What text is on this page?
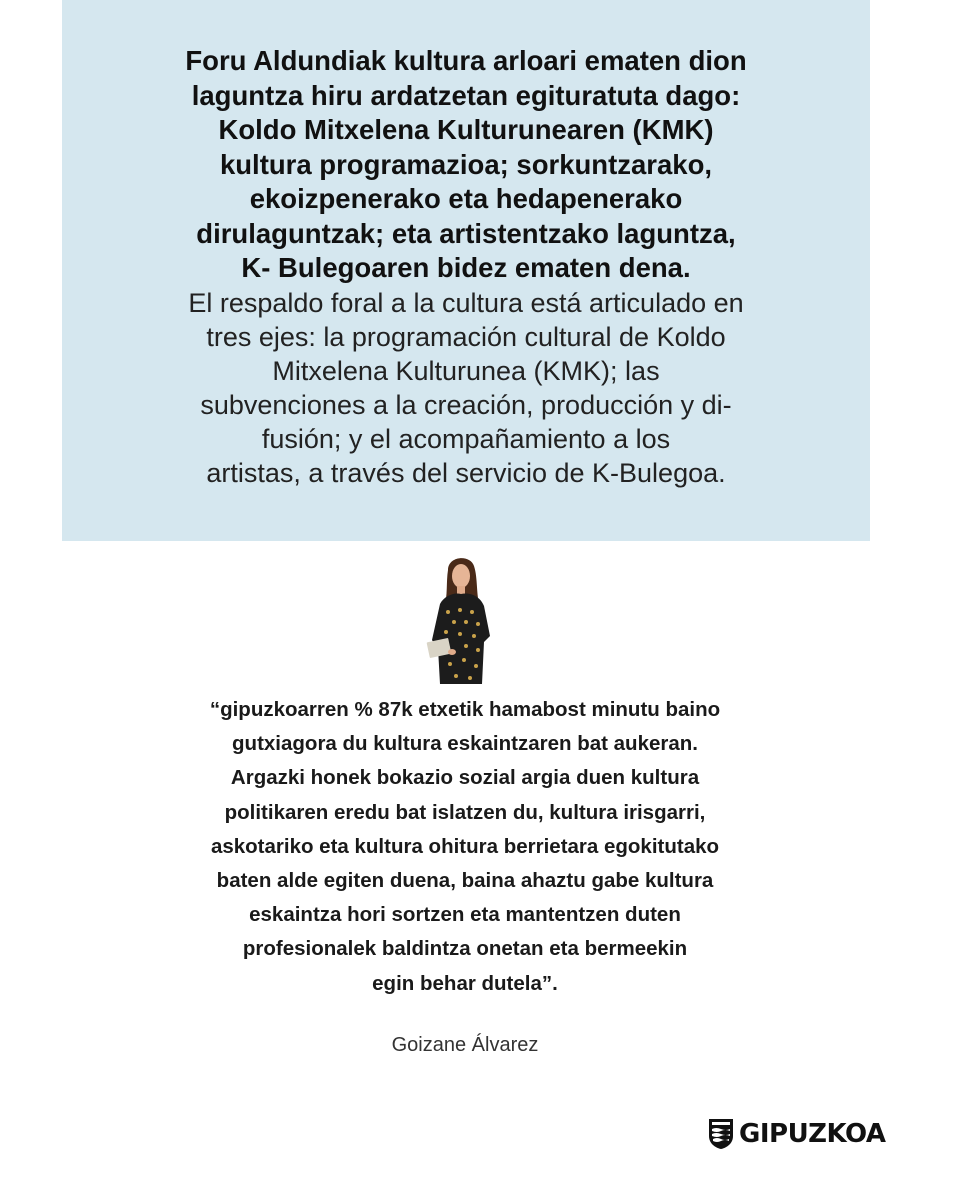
Foru Aldundiak kultura arloari ematen dion
laguntza hiru ardatzetan egituratuta dago:
Koldo Mitxelena Kulturunearen (KMK)
kultura programazioa; sorkuntzarako,
ekoizpenerako eta hedapenerako
dirulaguntzak; eta artistentzako laguntza,
K- Bulegoaren bidez ematen dena.
El respaldo foral a la cultura está articulado en
tres ejes: la programación cultural de Koldo
Mitxelena Kulturunea (KMK); las
subvenciones a la creación, producción y di-
fusión; y el acompañamiento a los
artistas, a través del servicio de K-Bulegoa.
“gipuzkoarren % 87k etxetik hamabost minutu baino
gutxiagora du kultura eskaintzaren bat aukeran.
Argazki honek bokazio sozial argia duen kultura
politikaren eredu bat islatzen du, kultura irisgarri,
askotariko eta kultura ohitura berrietara egokitutako
baten alde egiten duena, baina ahaztu gabe kultura
eskaintza hori sortzen eta mantentzen duten
profesionalek baldintza onetan eta bermeekin
egin behar dutela”.
Goizane Álvarez
GIPUZKOA
